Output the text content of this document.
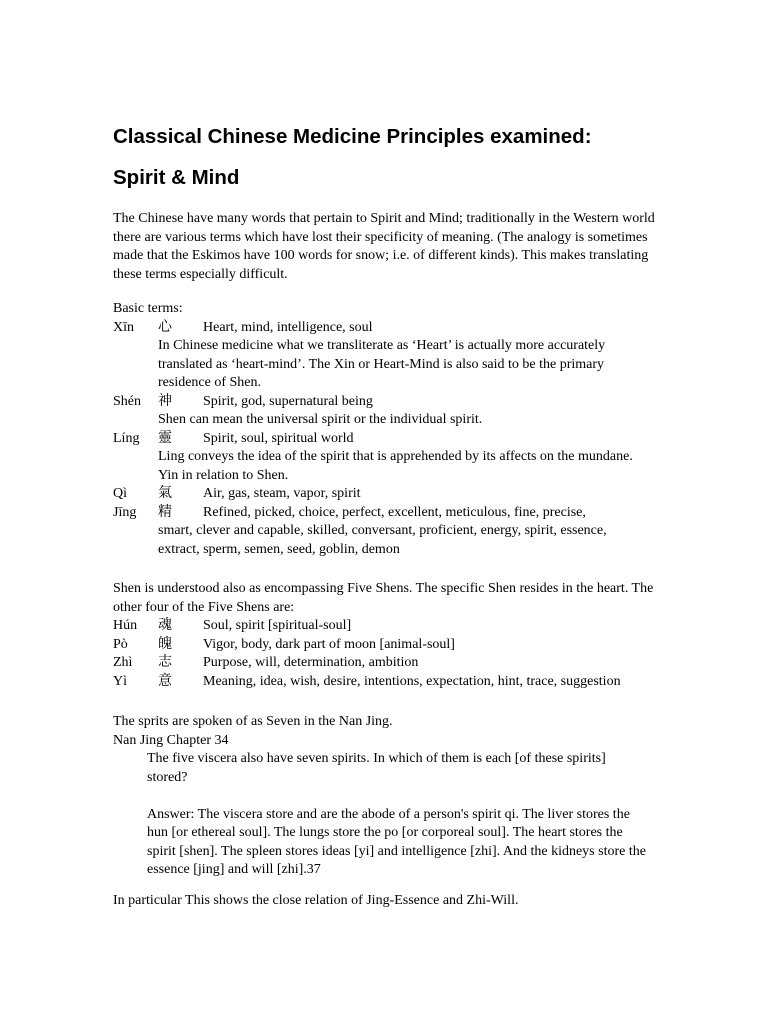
Classical Chinese Medicine Principles examined:
Spirit & Mind

The Chinese have many words that pertain to Spirit and Mind; traditionally in the Western world there are various terms which have lost their specificity of meaning. (The analogy is sometimes made that the Eskimos have 100 words for snow; i.e. of different kinds). This makes translating these terms especially difficult.

Basic terms:

Xīn 心 Heart, mind, intelligence, soul

In Chinese medicine what we transliterate as ‘Heart’ is actually more accurately translated as ‘heart-mind’. The Xin or Heart-Mind is also said to be the primary residence of Shen.

Shén 神 Spirit, god, supernatural being

Shen can mean the universal spirit or the individual spirit.

Líng 靈 Spirit, soul, spiritual world

Ling conveys the idea of the spirit that is apprehended by its affects on the mundane. Yin in relation to Shen.

Qì 氣 Air, gas, steam, vapor, spirit
Jīng 精 Refined, picked, choice, perfect, excellent, meticulous, fine, precise,

smart, clever and capable, skilled, conversant, proficient, energy, spirit, essence, extract, sperm, semen, seed, goblin, demon

Shen is understood also as encompassing Five Shens. The specific Shen resides in the heart. The other four of the Five Shens are:

Hún 魂 Soul, spirit [spiritual-soul]
Pò 魄 Vigor, body, dark part of moon [animal-soul]
Zhì 志 Purpose, will, determination, ambition
Yì 意 Meaning, idea, wish, desire, intentions, expectation, hint, trace, suggestion

The sprits are spoken of as Seven in the Nan Jing.

Nan Jing Chapter 34

The five viscera also have seven spirits. In which of them is each [of these spirits] stored?

Answer: The viscera store and are the abode of a person's spirit qi. The liver stores the hun [or ethereal soul]. The lungs store the po [or corporeal soul]. The heart stores the spirit [shen]. The spleen stores ideas [yi] and intelligence [zhi]. And the kidneys store the essence [jing] and will [zhi].37

In particular This shows the close relation of Jing-Essence and Zhi-Will.
